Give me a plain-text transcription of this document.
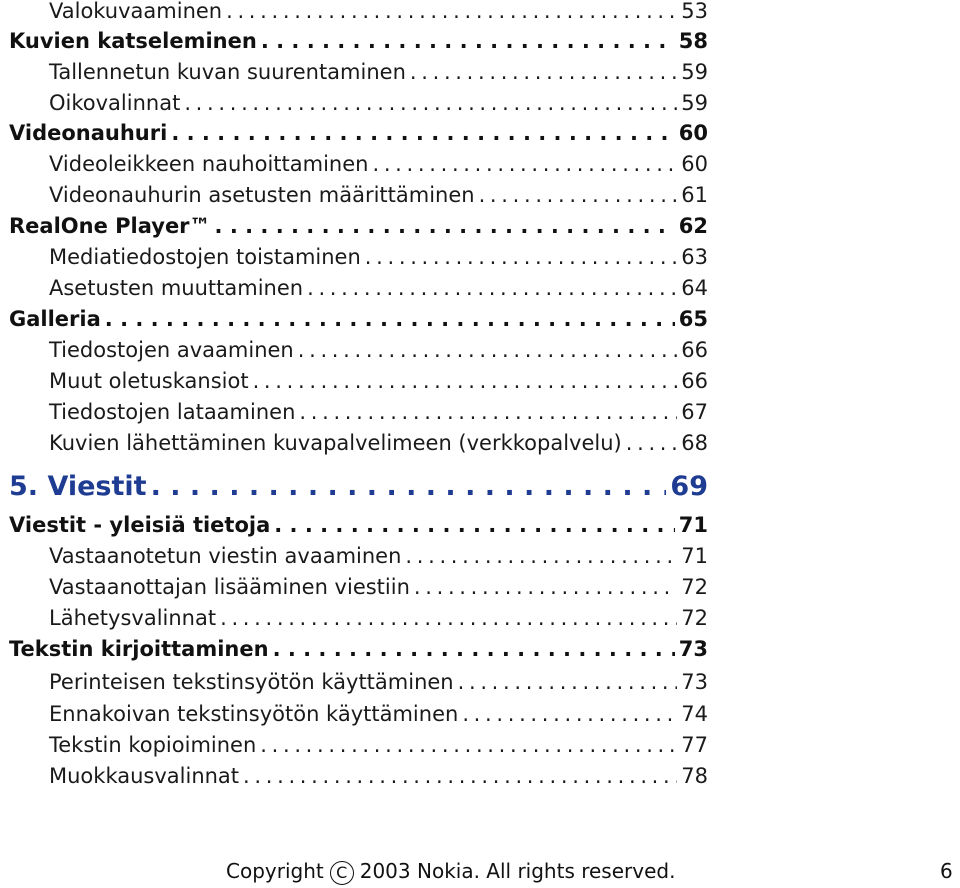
Valokuvaaminen . . .	53
Kuvien katseleminen . . .	58
Tallennetun kuvan suurentaminen . . .	59
Oikovalinnat . . .	59
Videonauhuri . . .	60
Videoleikkeen nauhoittaminen . . .	60
Videonauhurin asetusten määrittäminen . . .	61
RealOne Player™ . . .	62
Mediatiedostojen toistaminen . . .	63
Asetusten muuttaminen . . .	64
Galleria . . .	65
Tiedostojen avaaminen . . .	66
Muut oletuskansiot . . .	66
Tiedostojen lataaminen . . .	67
Kuvien lähettäminen kuvapalvelimeen (verkkopalvelu) . . .	68
5. Viestit . . .	69
Viestit - yleisiä tietoja . . .	71
Vastaanotetun viestin avaaminen . . .	71
Vastaanottajan lisääminen viestiin . . .	72
Lähetysvalinnat . . .	72
Tekstin kirjoittaminen . . .	73
Perinteisen tekstinsyötön käyttäminen . . .	73
Ennakoivan tekstinsyötön käyttäminen . . .	74
Tekstin kopioiminen . . .	77
Muokkausvalinnat . . .	78
Copyright C 2003 Nokia. All rights reserved.	6
